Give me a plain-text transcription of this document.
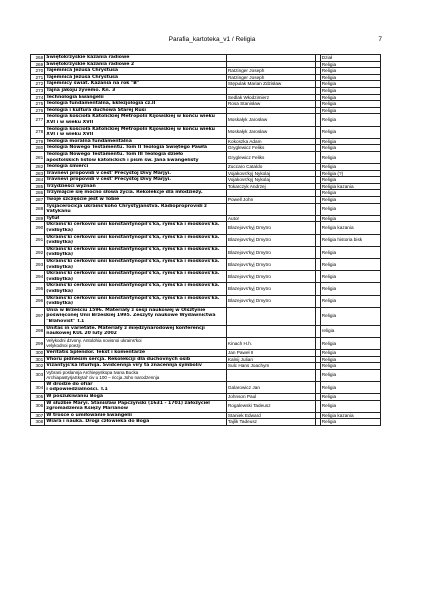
Parafia_kartoteka_v1 / Religia	7
268	Świętokrzyskie kazania radiowe			Dział
269	Świętokrzyskie kazania radiowe 2			Religia
270	Tajemnica Jezusa Chrystusa	Ratzinger Joseph		Religia
271	Tajemnica Jezusa Chrystusa	Ratzinger Joseph		Religia
272	Tajemnicy świat. Kazania na rok "B"	Stępulak Marian Zdzisław		Religia
273	Tajna jakoju zyvemo. Kn. 3			Religia
274	Technologia Ewangelii	Sedlak Włodzimierz		Religia
275	Teologia fundamentalna, Eklezjologia cz.II	Rosa Stanisław		Religia
276	Teologia i kultura duchowa Starej Rusi			Religia
277	Teologia kościoła Katolickiej Metropolii Kijowskiej w końcu wieku
XVI i w wieku XVII	Moskałyk Jarosław		Religia
278	Teologia kościoła Katolickiej Metropolii Kijowskiej w końcu wieku
XVI i w wieku XVII	Moskałyk Jarosław		Religia
279	Teologia moralna fundamentalna	Kokoszka Adam		Religia
280	Teologia Nowego Testamentu. Tom II Teologia Świętego Pawła	Gryglewicz Feliks		Religia
281	Teologia Nowego Testamentu. Tom III Teologia dzieło
apostolskich listów katolickich i pism św. Jana Ewangelisty	Gryglewicz Feliks		Religia
282	Teologia śmierci	Zuccaro Cataldo		Religia
283	Travneví propovidi v cest' Precystoj Divy Marjyi.	Vojakovs'kyj Nykolaj		Religia (?)
284	Travneví propovidi v cest' Precystoj Divy Marjyi.	Vojakovs'kyj Nykolaj		Religia
285	Trzydzieści wyznań	Tokarczyk Andrzej		Religia kazania
286	Trzymajcie się mocno słowa życia. Rekolekcje dla młodzieży.			Religia
287	Twoje szczęście jest w Tobie	Powell John		Religia
288	Tysjacerocicja ukrains'koho Chrystyjanstva. Radioproprovidi z
Vatykanu			Religia
289	Tytuł	Autor		Religia
290	Ukrains'ki cerkovni unii konstantynopil's'ka, ryms'ka i moskovs'ka.
(vidbytka)	Blazejovs'kyj Dmytro		Religia kazania
291	Ukrains'ki cerkovni unii konstantynopil's'ka, ryms'ka i moskovs'ka.
(vidbytka)	Blazejovs'kyj Dmytro		Religia historia bisk
292	Ukrains'ki cerkovni unii konstantynopil's'ka, ryms'ka i moskovs'ka.
(vidbytka)	Blazejovs'kyj Dmytro		Religia
293	Ukrains'ki cerkovni unii konstantynopil's'ka, ryms'ka i moskovs'ka.
(vidbytka)	Blazejovs'kyj Dmytro		Religia
294	Ukrains'ki cerkovni unii konstantynopil's'ka, ryms'ka i moskovs'ka.
(vidbytka)	Blazejovs'kyj Dmytro		Religia
295	Ukrains'ki cerkovni unii konstantynopil's'ka, ryms'ka i moskovs'ka.
(vidbytka)	Blazejovs'kyj Dmytro		Religia
296	Ukrains'ki cerkovni unii konstantynopil's'ka, ryms'ka i moskovs'ka.
(vidbytka)	Blazejovs'kyj Dmytro		Religia
297	Unia w Brześciu 1596. Materiały z sesji naukowej w Olsztynie
poświęconej Unii Brzeskiej 1995. Zeszyty naukowe Wydawnictwa
"Blahovist" T.1			Religia
298	Unitas in varietate. Materiały z międzynarodowej konferencji
naukowej KUL 20 luty 2002			religia
299	Velykodni dzvony. Antolohia novisnoi ukrains'koi
velykodnoi poezji	Kinach H.h.		Religia
300	Veritatis Splendor. Tekst i komentarze	Jan Paweł II		Religia
301	Vhoru pidnesim sercja. Rekolekciji dla duchovnych osib	Kalnij Julian		Religia
302	Vizantyjs'ka liturhija. Svidcennja viry ta znacennja symboliv	Sulc Hans Joachym		Religia
303	Vybrani poslannja Archiepyskopa Ivana Bucka
ArchiapastyrjaSkytal' civ u 100 – riccja Joho narodzennja			Religia
304	W drodze do ofiar
i odpowiedzialności. T.1	Galarowicz Jan		Religia
305	W poszukiwaniu Boga	Johnson Paul		Religia
306	W służbie Maryi. Stanisław Papczyński (1631 - 1701) założyciel
zgromadzenia Księży Marianów	Rogalewski Tadeusz		Religia
307	W trosce o umiłowanie Ewangelii	Staniek Edward		Religia kazania
308	Wiara i nauka. Drogi człowieka do Boga	Tajlik Tadeusz		Religia
